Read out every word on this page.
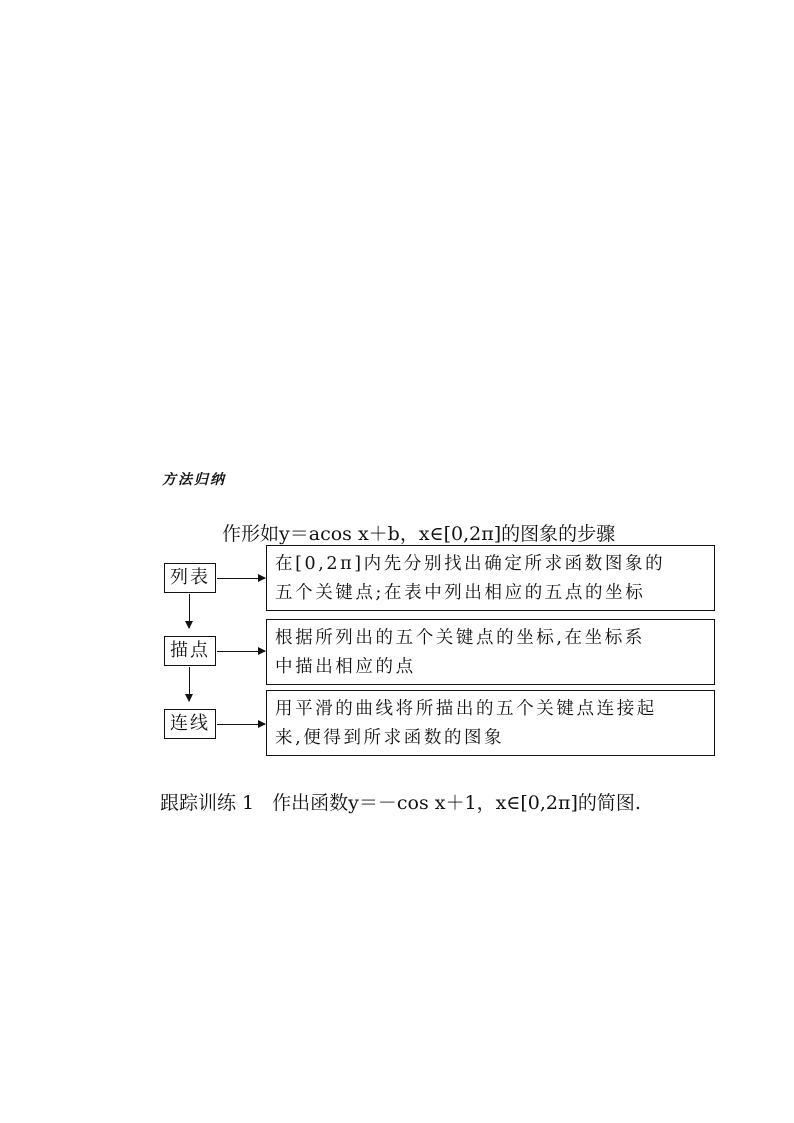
方法归纳
作形如y＝acos x＋b，x∈[0,2π]的图象的步骤
列表
在[0,2π]内先分别找出确定所求函数图象的
五个关键点;在表中列出相应的五点的坐标
描点
根据所列出的五个关键点的坐标,在坐标系
中描出相应的点
连线
用平滑的曲线将所描出的五个关键点连接起
来,便得到所求函数的图象
跟踪训练 1 作出函数y＝－cos x＋1，x∈[0,2π]的简图.
